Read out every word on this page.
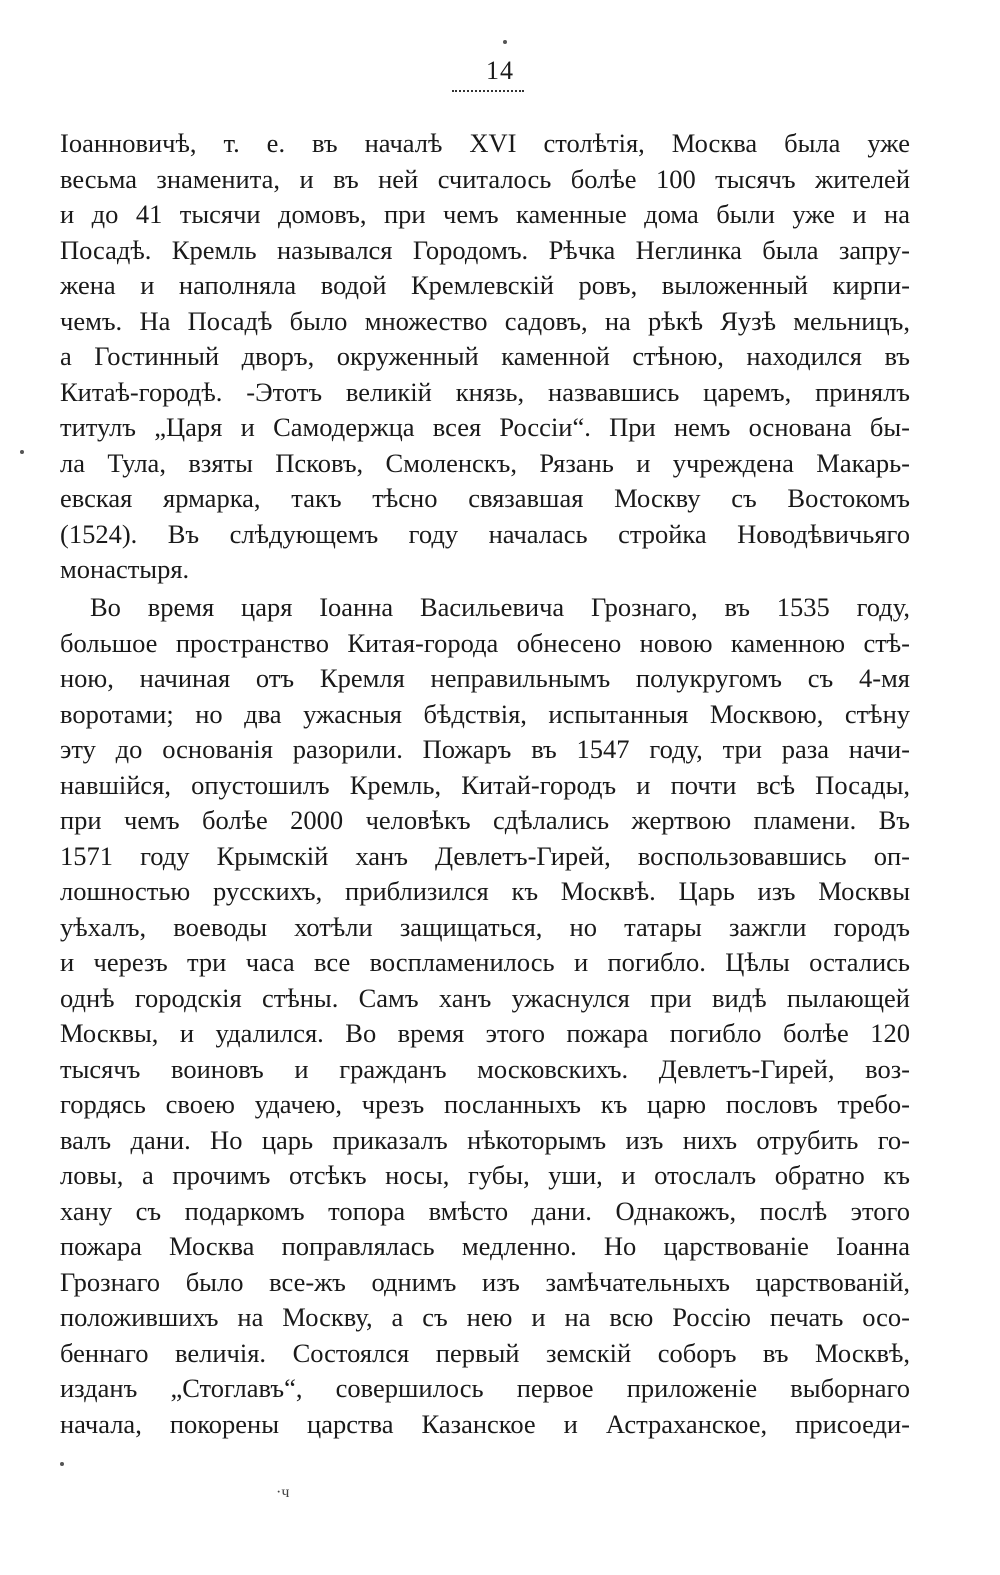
14
Іоанновичѣ, т. е. въ началѣ XVI столѣтія, Москва была уже
весьма знаменита, и въ ней считалось болѣе 100 тысячъ жителей
и до 41 тысячи домовъ, при чемъ каменные дома были уже и на
Посадѣ. Кремль назывался Городомъ. Рѣчка Неглинка была запру-
жена и наполняла водой Кремлевскій ровъ, выложенный кирпи-
чемъ. На Посадѣ было множество садовъ, на рѣкѣ Яузѣ мельницъ,
а Гостинный дворъ, окруженный каменной стѣною, находился въ
Китаѣ-городѣ. -Этотъ великій князь, назвавшись царемъ, принялъ
титулъ „Царя и Самодержца всея Россіи“. При немъ основана бы-
ла Тула, взяты Псковъ, Смоленскъ, Рязань и учреждена Макарь-
евская ярмарка, такъ тѣсно связавшая Москву съ Востокомъ
(1524). Въ слѣдующемъ году началась стройка Новодѣвичьяго
монастыря.
Во время царя Іоанна Васильевича Грознаго, въ 1535 году,
большое пространство Китая-города обнесено новою каменною стѣ-
ною, начиная отъ Кремля неправильнымъ полукругомъ съ 4-мя
воротами; но два ужасныя бѣдствія, испытанныя Москвою, стѣну
эту до основанія разорили. Пожаръ въ 1547 году, три раза начи-
навшійся, опустошилъ Кремль, Китай-городъ и почти всѣ Посады,
при чемъ болѣе 2000 человѣкъ сдѣлались жертвою пламени. Въ
1571 году Крымскій ханъ Девлетъ-Гирей, воспользовавшись оп-
лошностью русскихъ, приблизился къ Москвѣ. Царь изъ Москвы
уѣхалъ, воеводы хотѣли защищаться, но татары зажгли городъ
и черезъ три часа все воспламенилось и погибло. Цѣлы остались
однѣ городскія стѣны. Самъ ханъ ужаснулся при видѣ пылающей
Москвы, и удалился. Во время этого пожара погибло болѣе 120
тысячъ воиновъ и гражданъ московскихъ. Девлетъ-Гирей, воз-
гордясь своею удачею, чрезъ посланныхъ къ царю пословъ требо-
валъ дани. Но царь приказалъ нѣкоторымъ изъ нихъ отрубить го-
ловы, а прочимъ отсѣкъ носы, губы, уши, и отослалъ обратно къ
хану съ подаркомъ топора вмѣсто дани. Однакожъ, послѣ этого
пожара Москва поправлялась медленно. Но царствованіе Іоанна
Грознаго было все-жъ однимъ изъ замѣчательныхъ царствованій,
положившихъ на Москву, а съ нею и на всю Россію печать осо-
беннаго величія. Состоялся первый земскій соборъ въ Москвѣ,
изданъ „Стоглавъ“, совершилось первое приложеніе выборнаго
начала, покорены царства Казанское и Астраханское, присоеди-
·ч
